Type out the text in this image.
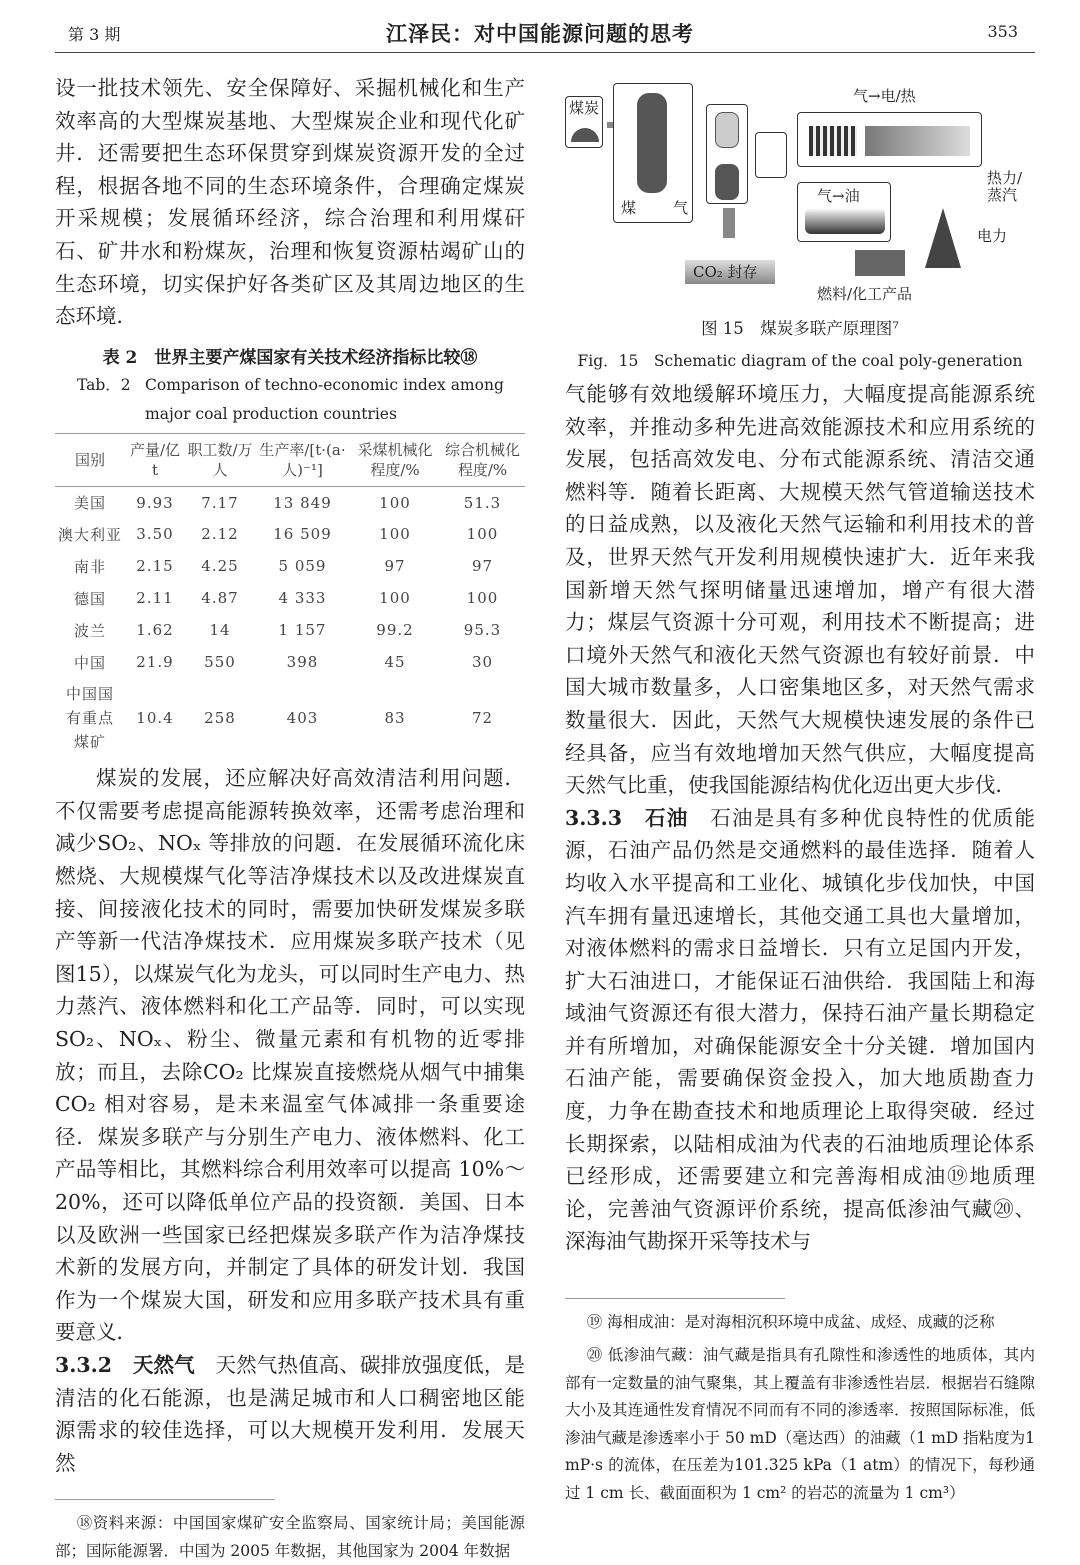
第 3 期	江泽民：对中国能源问题的思考	353

设一批技术领先、安全保障好、采掘机械化和生产效率高的大型煤炭基地、大型煤炭企业和现代化矿井．还需要把生态环保贯穿到煤炭资源开发的全过程，根据各地不同的生态环境条件，合理确定煤炭开采规模；发展循环经济，综合治理和利用煤矸石、矿井水和粉煤灰，治理和恢复资源枯竭矿山的生态环境，切实保护好各类矿区及其周边地区的生态环境．

表 2　世界主要产煤国家有关技术经济指标比较⑱
Tab．2 Comparison of techno-economic index among major coal production countries
国别	产量/亿t	职工数/万人	生产率/[t·(a·人)⁻¹]	采煤机械化程度/%	综合机械化程度/%
美国	9.93	7.17	13 849	100	51.3
澳大利亚	3.50	2.12	16 509	100	100
南非	2.15	4.25	5 059	97	97
德国	2.11	4.87	4 333	100	100
波兰	1.62	14	1 157	99.2	95.3
中国	21.9	550	398	45	30
中国国有重点煤矿	10.4	258	403	83	72

煤炭的发展，还应解决好高效清洁利用问题．不仅需要考虑提高能源转换效率，还需考虑治理和减少SO₂、NOₓ 等排放的问题．在发展循环流化床燃烧、大规模煤气化等洁净煤技术以及改进煤炭直接、间接液化技术的同时，需要加快研发煤炭多联产等新一代洁净煤技术．应用煤炭多联产技术（见图15），以煤炭气化为龙头，可以同时生产电力、热力蒸汽、液体燃料和化工产品等．同时，可以实现SO₂、NOₓ、粉尘、微量元素和有机物的近零排放；而且，去除CO₂ 比煤炭直接燃烧从烟气中捕集CO₂ 相对容易，是未来温室气体减排一条重要途径．煤炭多联产与分别生产电力、液体燃料、化工产品等相比，其燃料综合利用效率可以提高 10%～20%，还可以降低单位产品的投资额．美国、日本以及欧洲一些国家已经把煤炭多联产作为洁净煤技术新的发展方向，并制定了具体的研发计划．我国作为一个煤炭大国，研发和应用多联产技术具有重要意义．

3.3.2　 天然气　 天然气热值高、碳排放强度低，是清洁的化石能源，也是满足城市和人口稠密地区能源需求的较佳选择，可以大规模开发利用．发展天然

⑱资料来源：中国国家煤矿安全监察局、国家统计局；美国能源部；国际能源署．中国为 2005 年数据，其他国家为 2004 年数据

煤炭
煤 气
CO₂ 封存
气→电/热
热力/蒸汽
气→油
电力
燃料/化工产品
图 15　煤炭多联产原理图⁷
Fig．15　Schematic diagram of the coal poly-generation

气能够有效地缓解环境压力，大幅度提高能源系统效率，并推动多种先进高效能源技术和应用系统的发展，包括高效发电、分布式能源系统、清洁交通燃料等．随着长距离、大规模天然气管道输送技术的日益成熟，以及液化天然气运输和利用技术的普及，世界天然气开发利用规模快速扩大．近年来我国新增天然气探明储量迅速增加，增产有很大潜力；煤层气资源十分可观，利用技术不断提高；进口境外天然气和液化天然气资源也有较好前景．中国大城市数量多，人口密集地区多，对天然气需求数量很大．因此，天然气大规模快速发展的条件已经具备，应当有效地增加天然气供应，大幅度提高天然气比重，使我国能源结构优化迈出更大步伐．

3.3.3　 石油　 石油是具有多种优良特性的优质能源，石油产品仍然是交通燃料的最佳选择．随着人均收入水平提高和工业化、城镇化步伐加快，中国汽车拥有量迅速增长，其他交通工具也大量增加，对液体燃料的需求日益增长．只有立足国内开发，扩大石油进口，才能保证石油供给．我国陆上和海域油气资源还有很大潜力，保持石油产量长期稳定并有所增加，对确保能源安全十分关键．增加国内石油产能，需要确保资金投入，加大地质勘查力度，力争在勘查技术和地质理论上取得突破．经过长期探索，以陆相成油为代表的石油地质理论体系已经形成，还需要建立和完善海相成油⑲地质理论，完善油气资源评价系统，提高低渗油气藏⑳、深海油气勘探开采等技术与

⑲ 海相成油：是对海相沉积环境中成盆、成烃、成藏的泛称

⑳ 低渗油气藏：油气藏是指具有孔隙性和渗透性的地质体，其内部有一定数量的油气聚集，其上覆盖有非渗透性岩层．根据岩石缝隙大小及其连通性发育情况不同而有不同的渗透率．按照国际标准，低渗油气藏是渗透率小于 50 mD（毫达西）的油藏（1 mD 指粘度为1 mP·s 的流体，在压差为101.325 kPa（1 atm）的情况下，每秒通过 1 cm 长、截面面积为 1 cm² 的岩芯的流量为 1 cm³）
